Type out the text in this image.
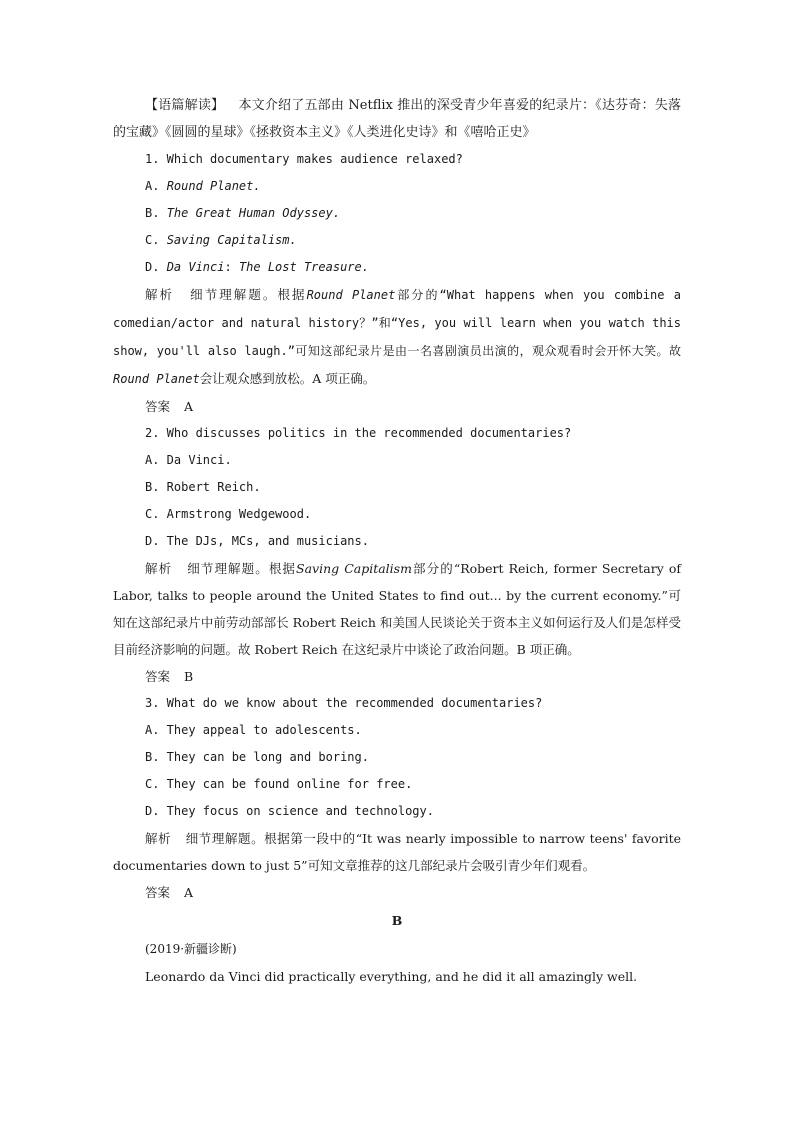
【语篇解读】 本文介绍了五部由 Netflix 推出的深受青少年喜爱的纪录片：《达芬奇：失落的宝藏》《圆圆的星球》《拯救资本主义》《人类进化史诗》和《嘻哈正史》

1. Which documentary makes audience relaxed?
A. Round Planet.
B. The Great Human Odyssey.
C. Saving Capitalism.
D. Da Vinci: The Lost Treasure.

解析 细节理解题。根据Round Planet部分的“What happens when you combine a comedian/actor and natural history？”和“Yes, you will learn when you watch this show, you'll also laugh.”可知这部纪录片是由一名喜剧演员出演的，观众观看时会开怀大笑。故Round Planet会让观众感到放松。A 项正确。

答案 A
2. Who discusses politics in the recommended documentaries?
A. Da Vinci.
B. Robert Reich.
C. Armstrong Wedgewood.
D. The DJs, MCs, and musicians.

解析 细节理解题。根据Saving Capitalism部分的“Robert Reich, former Secretary of Labor, talks to people around the United States to find out... by the current economy.”可知在这部纪录片中前劳动部部长 Robert Reich 和美国人民谈论关于资本主义如何运行及人们是怎样受目前经济影响的问题。故 Robert Reich 在这纪录片中谈论了政治问题。B 项正确。

答案 B
3. What do we know about the recommended documentaries?
A. They appeal to adolescents.
B. They can be long and boring.
C. They can be found online for free.
D. They focus on science and technology.

解析 细节理解题。根据第一段中的“It was nearly impossible to narrow teens' favorite documentaries down to just 5”可知文章推荐的这几部纪录片会吸引青少年们观看。

答案 A
B
(2019·新疆诊断)
Leonardo da Vinci did practically everything, and he did it all amazingly well.
